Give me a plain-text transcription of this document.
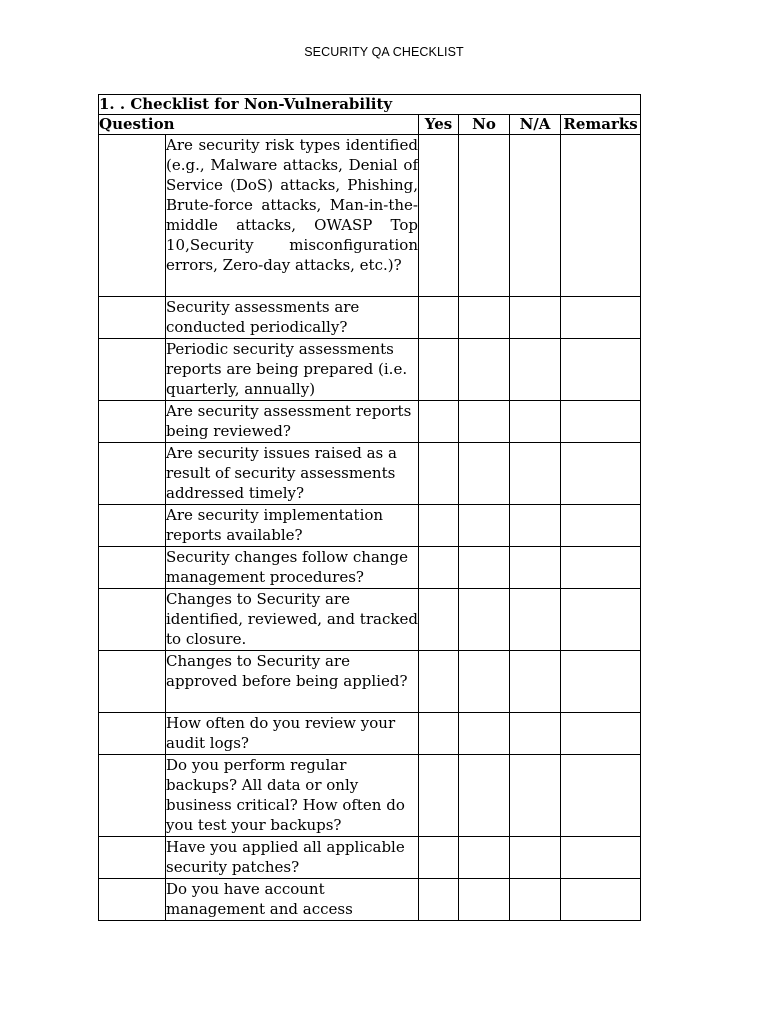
SECURITY QA CHECKLIST
1. . Checklist for Non-Vulnerability					
Question		Yes	No	N/A	Remarks
	Are security risk types identified (e.g., Malware attacks, Denial of Service (DoS) attacks, Phishing, Brute-force attacks, Man-in-the-middle attacks, OWASP Top 10,Security misconfiguration errors, Zero-day attacks, etc.)?				
	Security assessments are conducted periodically?				
	Periodic security assessments reports are being prepared (i.e. quarterly, annually)				
	Are security assessment reports being reviewed?				
	Are security issues raised as a result of security assessments addressed timely?				
	Are security implementation reports available?				
	Security changes follow change management procedures?				
	Changes to Security are identified, reviewed, and tracked to closure.				
	Changes to Security are approved before being applied?				
	How often do you review your audit logs?				
	Do you perform regular backups? All data or only business critical? How often do you test your backups?				
	Have you applied all applicable security patches?				
	Do you have account management and access				
